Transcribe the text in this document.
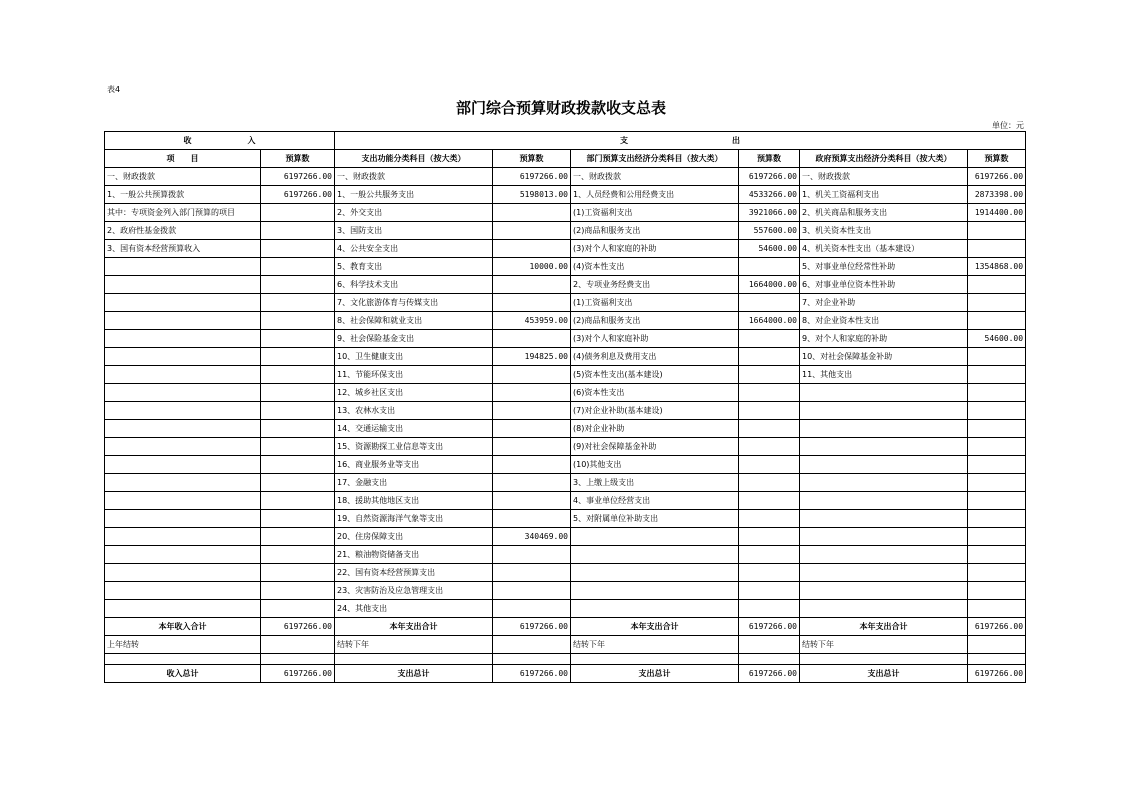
表4
部门综合预算财政拨款收支总表
单位：元
收　　　　　　　入		支　　　　　　　　　　　　　出					
项　　目	预算数	支出功能分类科目（按大类）	预算数	部门预算支出经济分类科目（按大类）	预算数	政府预算支出经济分类科目（按大类）	预算数
一、财政拨款	6197266.00	一、财政拨款	6197266.00	一、财政拨款	6197266.00	一、财政拨款	6197266.00
1、一般公共预算拨款	6197266.00	1、一般公共服务支出	5198013.00	1、人员经费和公用经费支出	4533266.00	1、机关工资福利支出	2873398.00
其中：专项资金列入部门预算的项目		2、外交支出		(1)工资福利支出	3921066.00	2、机关商品和服务支出	1914400.00
2、政府性基金拨款		3、国防支出		(2)商品和服务支出	557600.00	3、机关资本性支出	
3、国有资本经营预算收入		4、公共安全支出		(3)对个人和家庭的补助	54600.00	4、机关资本性支出（基本建设）	
		5、教育支出	10000.00	(4)资本性支出		5、对事业单位经常性补助	1354868.00
		6、科学技术支出		2、专项业务经费支出	1664000.00	6、对事业单位资本性补助	
		7、文化旅游体育与传媒支出		(1)工资福利支出		7、对企业补助	
		8、社会保障和就业支出	453959.00	(2)商品和服务支出	1664000.00	8、对企业资本性支出	
		9、社会保险基金支出		(3)对个人和家庭补助		9、对个人和家庭的补助	54600.00
		10、卫生健康支出	194825.00	(4)债务利息及费用支出		10、对社会保障基金补助	
		11、节能环保支出		(5)资本性支出(基本建设)		11、其他支出	
		12、城乡社区支出		(6)资本性支出			
		13、农林水支出		(7)对企业补助(基本建设)			
		14、交通运输支出		(8)对企业补助			
		15、资源勘探工业信息等支出		(9)对社会保障基金补助			
		16、商业服务业等支出		(10)其他支出			
		17、金融支出		3、上缴上级支出			
		18、援助其他地区支出		4、事业单位经营支出			
		19、自然资源海洋气象等支出		5、对附属单位补助支出			
		20、住房保障支出	340469.00				
		21、粮油物资储备支出					
		22、国有资本经营预算支出					
		23、灾害防治及应急管理支出					
		24、其他支出					
本年收入合计	6197266.00	本年支出合计	6197266.00	本年支出合计	6197266.00	本年支出合计	6197266.00
上年结转		结转下年		结转下年		结转下年	

收入总计	6197266.00	支出总计	6197266.00	支出总计	6197266.00	支出总计	6197266.00
